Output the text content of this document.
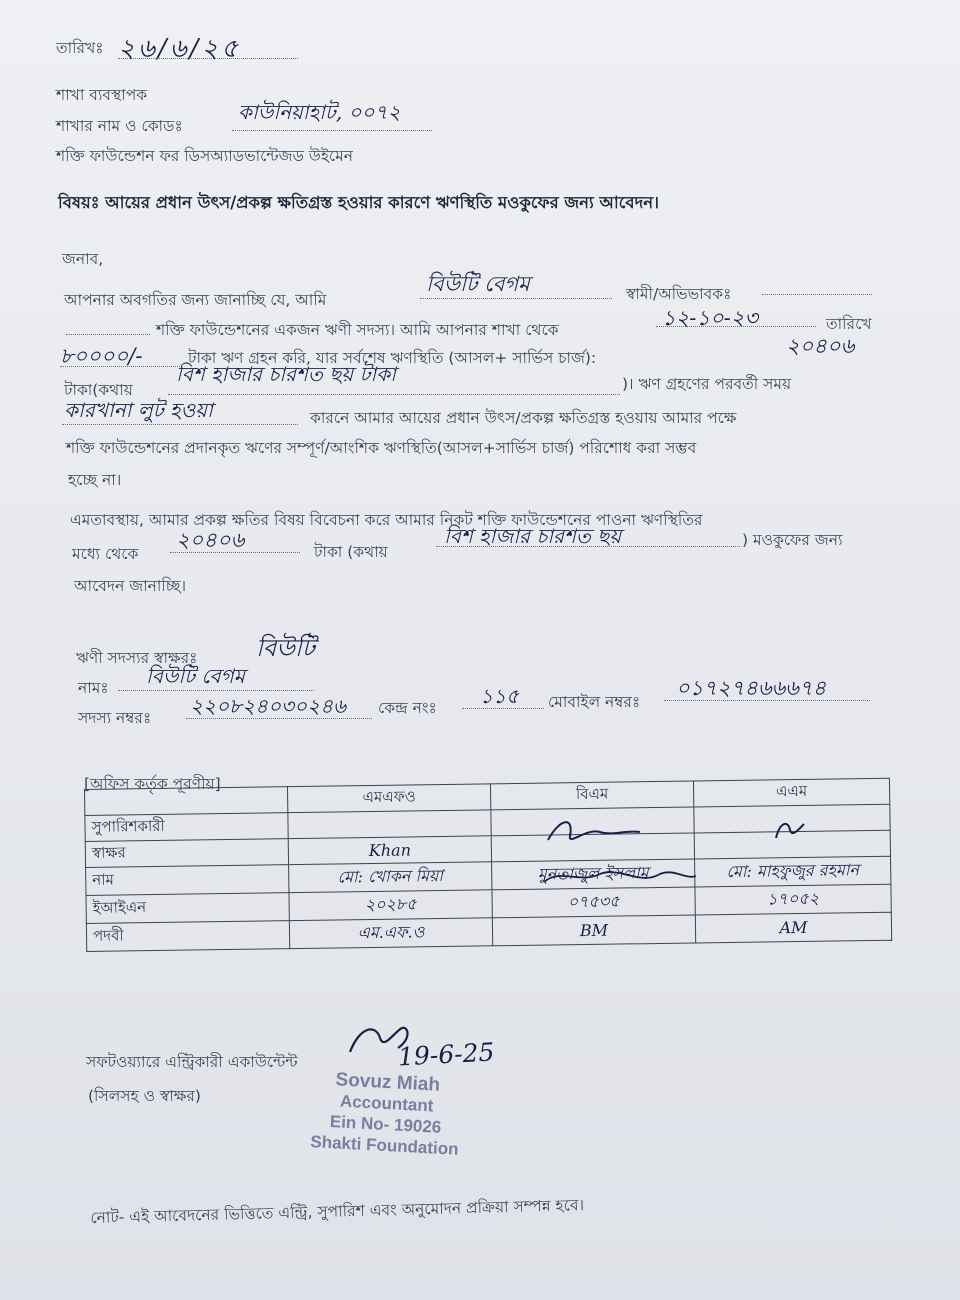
তারিখঃ ২৬/৬/২৫
শাখা ব্যবস্থাপক
শাখার নাম ও কোডঃ
কাউনিয়াহাট, ০০৭২
শক্তি ফাউন্ডেশন ফর ডিসঅ্যাডভান্টেজড উইমেন
বিষয়ঃ আয়ের প্রধান উৎস/প্রকল্প ক্ষতিগ্রস্ত হওয়ার কারণে ঋণস্থিতি মওকুফের জন্য আবেদন।
জনাব,
আপনার অবগতির জন্য জানাচ্ছি যে, আমি
বিউটি বেগম	স্বামী/অভিভাবকঃ
শক্তি ফাউন্ডেশনের একজন ঋণী সদস্য। আমি আপনার শাখা থেকে	১২-১০-২৩	তারিখে
৮০০০০/-	টাকা ঋণ গ্রহন করি, যার সর্বশেষ ঋণস্থিতি (আসল+ সার্ভিস চার্জ):	২০৪০৬
টাকা(কথায়
বিশ হাজার চারশত ছয় টাকা	)। ঋণ গ্রহণের পরবর্তী সময়
কারখানা লুট হওয়া	কারনে আমার আয়ের প্রধান উৎস/প্রকল্প ক্ষতিগ্রস্ত হওয়ায় আমার পক্ষে
শক্তি ফাউন্ডেশনের প্রদানকৃত ঋণের সম্পূর্ণ/আংশিক ঋণস্থিতি(আসল+সার্ভিস চার্জ) পরিশোধ করা সম্ভব
হচ্ছে না।
এমতাবস্থায়, আমার প্রকল্প ক্ষতির বিষয় বিবেচনা করে আমার নিকট শক্তি ফাউন্ডেশনের পাওনা ঋণস্থিতির
মধ্যে থেকে
২০৪০৬	টাকা (কথায়
বিশ হাজার চারশত ছয়	) মওকুফের জন্য
আবেদন জানাচ্ছি।
ঋণী সদস্যর স্বাক্ষরঃ বিউটি
নামঃ বিউটি বেগম
সদস্য নম্বরঃ ২২০৮২৪০৩০২৪৬ কেন্দ্র নংঃ ১১৫ মোবাইল নম্বরঃ
০১৭২৭৪৬৬৬৭৪
[অফিস কর্তৃক পূরণীয়]
	এমএফও	বিএম	এএম
সুপারিশকারী			
স্বাক্ষর	Khan		
নাম	মো: খোকন মিয়া	মুনতাজুল ইসলাম	মো: মাহফুজুর রহমান
ইআইএন	২০২৮৫	০৭৫৩৫	১৭০৫২
পদবী	এম.এফ.ও	BM	AM
সফটওয়্যারে এন্ট্রিকারী একাউন্টেন্ট
(সিলসহ ও স্বাক্ষর)
19-6-25
Sovuz Miah
Accountant
Ein No- 19026
Shakti Foundation
নোট- এই আবেদনের ভিত্তিতে এন্ট্রি, সুপারিশ এবং অনুমোদন প্রক্রিয়া সম্পন্ন হবে।
